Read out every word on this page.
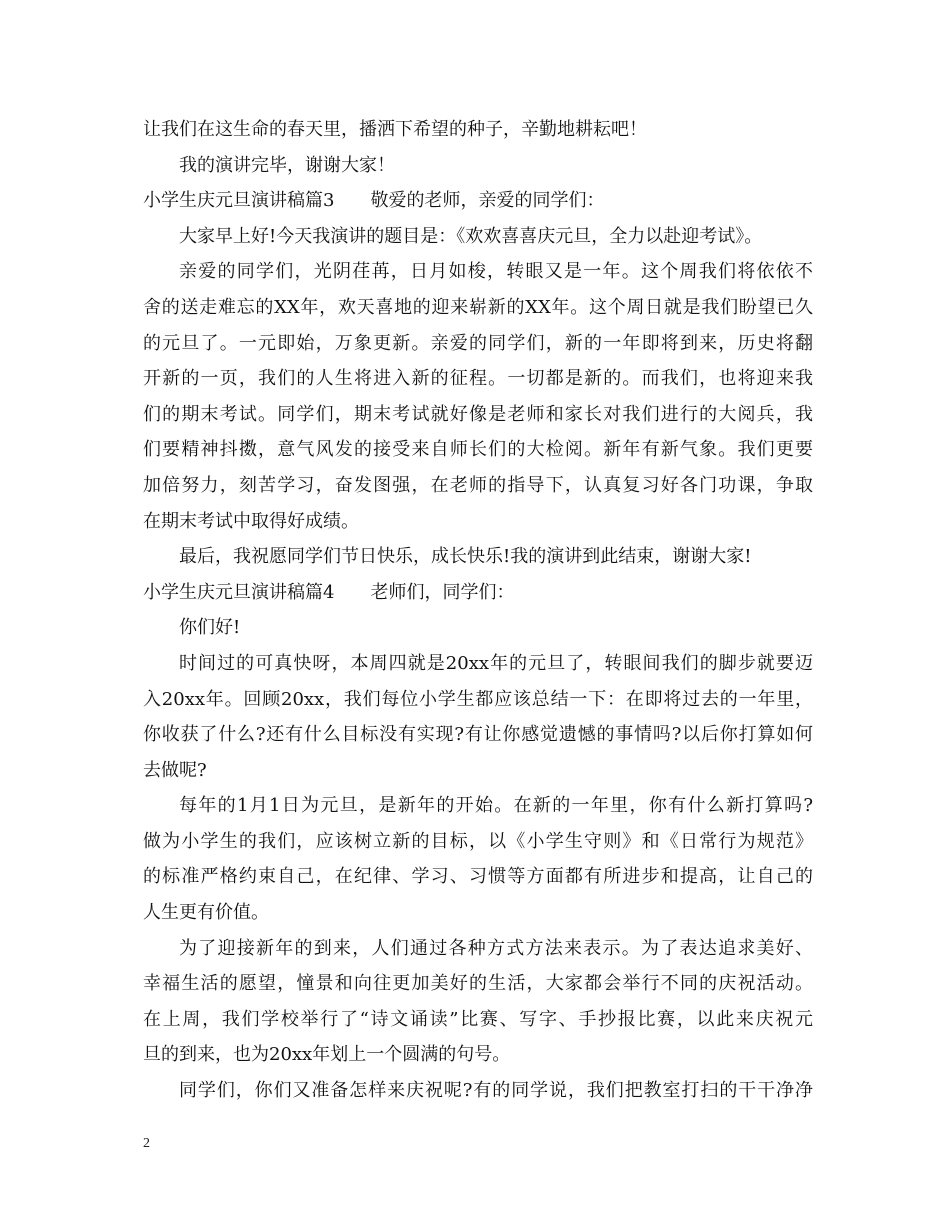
让我们在这生命的春天里，播洒下希望的种子，辛勤地耕耘吧！
我的演讲完毕，谢谢大家！
小学生庆元旦演讲稿篇3　　敬爱的老师，亲爱的同学们：
大家早上好!今天我演讲的题目是：《欢欢喜喜庆元旦，全力以赴迎考试》。
亲爱的同学们，光阴荏苒，日月如梭，转眼又是一年。这个周我们将依依不
舍的送走难忘的XX年，欢天喜地的迎来崭新的XX年。这个周日就是我们盼望已久
的元旦了。一元即始，万象更新。亲爱的同学们，新的一年即将到来，历史将翻
开新的一页，我们的人生将进入新的征程。一切都是新的。而我们，也将迎来我
们的期末考试。同学们，期末考试就好像是老师和家长对我们进行的大阅兵，我
们要精神抖擞，意气风发的接受来自师长们的大检阅。新年有新气象。我们更要
加倍努力，刻苦学习，奋发图强，在老师的指导下，认真复习好各门功课，争取
在期末考试中取得好成绩。
最后，我祝愿同学们节日快乐，成长快乐!我的演讲到此结束，谢谢大家!
小学生庆元旦演讲稿篇4　　老师们，同学们：
你们好!
时间过的可真快呀，本周四就是20xx年的元旦了，转眼间我们的脚步就要迈
入20xx年。回顾20xx，我们每位小学生都应该总结一下：在即将过去的一年里，
你收获了什么?还有什么目标没有实现?有让你感觉遗憾的事情吗?以后你打算如何
去做呢?
每年的1月1日为元旦，是新年的开始。在新的一年里，你有什么新打算吗?
做为小学生的我们，应该树立新的目标，以《小学生守则》和《日常行为规范》
的标准严格约束自己，在纪律、学习、习惯等方面都有所进步和提高，让自己的
人生更有价值。
为了迎接新年的到来，人们通过各种方式方法来表示。为了表达追求美好、
幸福生活的愿望，憧景和向往更加美好的生活，大家都会举行不同的庆祝活动。
在上周，我们学校举行了“诗文诵读”比赛、写字、手抄报比赛，以此来庆祝元
旦的到来，也为20xx年划上一个圆满的句号。
同学们，你们又准备怎样来庆祝呢?有的同学说，我们把教室打扫的干干净净
2
